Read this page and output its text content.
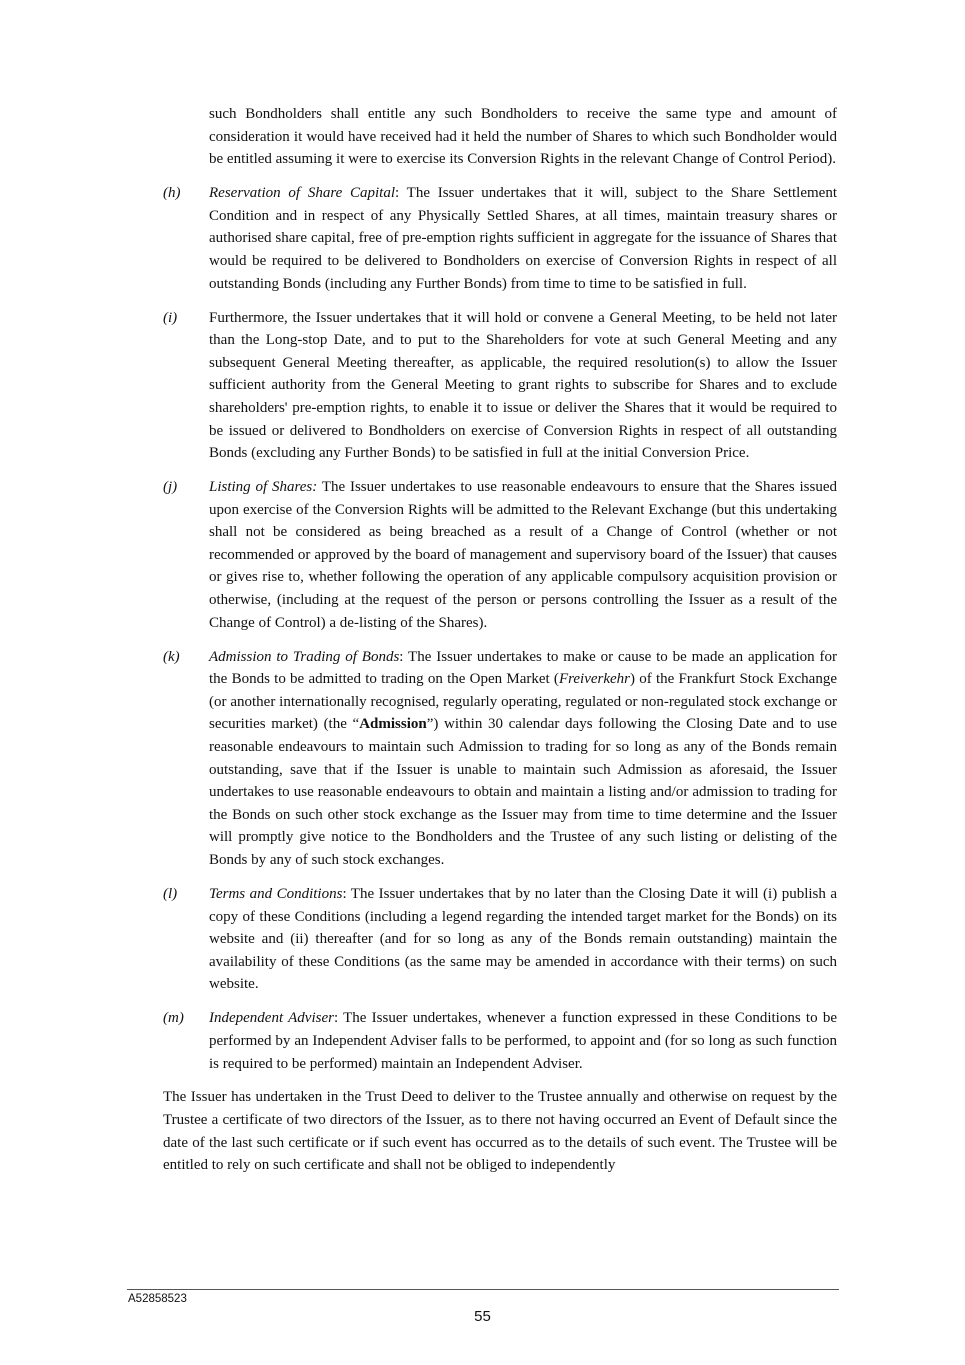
such Bondholders shall entitle any such Bondholders to receive the same type and amount of consideration it would have received had it held the number of Shares to which such Bondholder would be entitled assuming it were to exercise its Conversion Rights in the relevant Change of Control Period).

(h)	Reservation of Share Capital: The Issuer undertakes that it will, subject to the Share Settlement Condition and in respect of any Physically Settled Shares, at all times, maintain treasury shares or authorised share capital, free of pre-emption rights sufficient in aggregate for the issuance of Shares that would be required to be delivered to Bondholders on exercise of Conversion Rights in respect of all outstanding Bonds (including any Further Bonds) from time to time to be satisfied in full.
(i)	Furthermore, the Issuer undertakes that it will hold or convene a General Meeting, to be held not later than the Long-stop Date, and to put to the Shareholders for vote at such General Meeting and any subsequent General Meeting thereafter, as applicable, the required resolution(s) to allow the Issuer sufficient authority from the General Meeting to grant rights to subscribe for Shares and to exclude shareholders' pre-emption rights, to enable it to issue or deliver the Shares that it would be required to be issued or delivered to Bondholders on exercise of Conversion Rights in respect of all outstanding Bonds (excluding any Further Bonds) to be satisfied in full at the initial Conversion Price.
(j)	Listing of Shares: The Issuer undertakes to use reasonable endeavours to ensure that the Shares issued upon exercise of the Conversion Rights will be admitted to the Relevant Exchange (but this undertaking shall not be considered as being breached as a result of a Change of Control (whether or not recommended or approved by the board of management and supervisory board of the Issuer) that causes or gives rise to, whether following the operation of any applicable compulsory acquisition provision or otherwise, (including at the request of the person or persons controlling the Issuer as a result of the Change of Control) a de-listing of the Shares).
(k)	Admission to Trading of Bonds: The Issuer undertakes to make or cause to be made an application for the Bonds to be admitted to trading on the Open Market (Freiverkehr) of the Frankfurt Stock Exchange (or another internationally recognised, regularly operating, regulated or non-regulated stock exchange or securities market) (the “Admission”) within 30 calendar days following the Closing Date and to use reasonable endeavours to maintain such Admission to trading for so long as any of the Bonds remain outstanding, save that if the Issuer is unable to maintain such Admission as aforesaid, the Issuer undertakes to use reasonable endeavours to obtain and maintain a listing and/or admission to trading for the Bonds on such other stock exchange as the Issuer may from time to time determine and the Issuer will promptly give notice to the Bondholders and the Trustee of any such listing or delisting of the Bonds by any of such stock exchanges.
(l)	Terms and Conditions: The Issuer undertakes that by no later than the Closing Date it will (i) publish a copy of these Conditions (including a legend regarding the intended target market for the Bonds) on its website and (ii) thereafter (and for so long as any of the Bonds remain outstanding) maintain the availability of these Conditions (as the same may be amended in accordance with their terms) on such website.
(m)	Independent Adviser: The Issuer undertakes, whenever a function expressed in these Conditions to be performed by an Independent Adviser falls to be performed, to appoint and (for so long as such function is required to be performed) maintain an Independent Adviser.

The Issuer has undertaken in the Trust Deed to deliver to the Trustee annually and otherwise on request by the Trustee a certificate of two directors of the Issuer, as to there not having occurred an Event of Default since the date of the last such certificate or if such event has occurred as to the details of such event. The Trustee will be entitled to rely on such certificate and shall not be obliged to independently

A52858523
55
